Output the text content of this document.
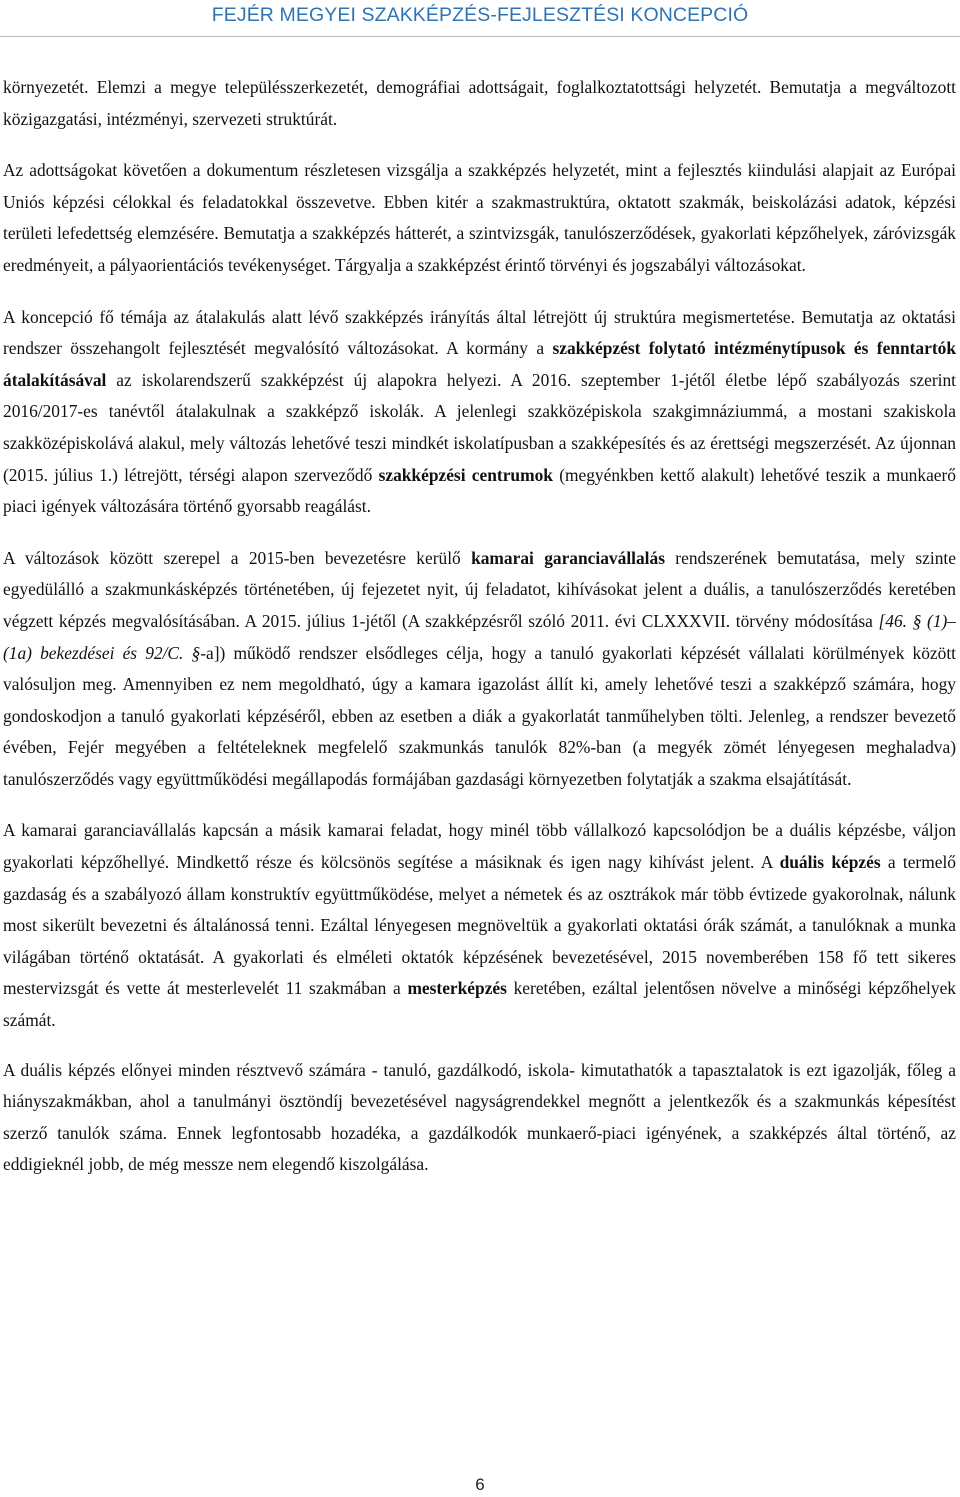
FEJÉR MEGYEI SZAKKÉPZÉS-FEJLESZTÉSI KONCEPCIÓ

környezetét. Elemzi a megye településszerkezetét, demográfiai adottságait, foglalkoztatottsági helyzetét. Bemutatja a megváltozott közigazgatási, intézményi, szervezeti struktúrát.

Az adottságokat követően a dokumentum részletesen vizsgálja a szakképzés helyzetét, mint a fejlesztés kiindulási alapjait az Európai Uniós képzési célokkal és feladatokkal összevetve. Ebben kitér a szakmastruktúra, oktatott szakmák, beiskolázási adatok, képzési területi lefedettség elemzésére. Bemutatja a szakképzés hátterét, a szintvizsgák, tanulószerződések, gyakorlati képzőhelyek, záróvizsgák eredményeit, a pályaorientációs tevékenységet. Tárgyalja a szakképzést érintő törvényi és jogszabályi változásokat.

A koncepció fő témája az átalakulás alatt lévő szakképzés irányítás által létrejött új struktúra megismertetése. Bemutatja az oktatási rendszer összehangolt fejlesztését megvalósító változásokat. A kormány a szakképzést folytató intézménytípusok és fenntartók átalakításával az iskolarendszerű szakképzést új alapokra helyezi. A 2016. szeptember 1-jétől életbe lépő szabályozás szerint 2016/2017-es tanévtől átalakulnak a szakképző iskolák. A jelenlegi szakközépiskola szakgimnáziummá, a mostani szakiskola szakközépiskolává alakul, mely változás lehetővé teszi mindkét iskolatípusban a szakképesítés és az érettségi megszerzését. Az újonnan (2015. július 1.) létrejött, térségi alapon szerveződő szakképzési centrumok (megyénkben kettő alakult) lehetővé teszik a munkaerő piaci igények változására történő gyorsabb reagálást.

A változások között szerepel a 2015-ben bevezetésre kerülő kamarai garanciavállalás rendszerének bemutatása, mely szinte egyedülálló a szakmunkásképzés történetében, új fejezetet nyit, új feladatot, kihívásokat jelent a duális, a tanulószerződés keretében végzett képzés megvalósításában. A 2015. július 1-jétől (A szakképzésről szóló 2011. évi CLXXXVII. törvény módosítása [46. § (1)–(1a) bekezdései és 92/C. §-a]) működő rendszer elsődleges célja, hogy a tanuló gyakorlati képzését vállalati körülmények között valósuljon meg. Amennyiben ez nem megoldható, úgy a kamara igazolást állít ki, amely lehetővé teszi a szakképző számára, hogy gondoskodjon a tanuló gyakorlati képzéséről, ebben az esetben a diák a gyakorlatát tanműhelyben tölti. Jelenleg, a rendszer bevezető évében, Fejér megyében a feltételeknek megfelelő szakmunkás tanulók 82%-ban (a megyék zömét lényegesen meghaladva) tanulószerződés vagy együttműködési megállapodás formájában gazdasági környezetben folytatják a szakma elsajátítását.

A kamarai garanciavállalás kapcsán a másik kamarai feladat, hogy minél több vállalkozó kapcsolódjon be a duális képzésbe, váljon gyakorlati képzőhellyé. Mindkettő része és kölcsönös segítése a másiknak és igen nagy kihívást jelent. A duális képzés a termelő gazdaság és a szabályozó állam konstruktív együttműködése, melyet a németek és az osztrákok már több évtizede gyakorolnak, nálunk most sikerült bevezetni és általánossá tenni. Ezáltal lényegesen megnöveltük a gyakorlati oktatási órák számát, a tanulóknak a munka világában történő oktatását. A gyakorlati és elméleti oktatók képzésének bevezetésével, 2015 novemberében 158 fő tett sikeres mestervizsgát és vette át mesterlevelét 11 szakmában a mesterképzés keretében, ezáltal jelentősen növelve a minőségi képzőhelyek számát.

A duális képzés előnyei minden résztvevő számára - tanuló, gazdálkodó, iskola- kimutathatók a tapasztalatok is ezt igazolják, főleg a hiányszakmákban, ahol a tanulmányi ösztöndíj bevezetésével nagyságrendekkel megnőtt a jelentkezők és a szakmunkás képesítést szerző tanulók száma. Ennek legfontosabb hozadéka, a gazdálkodók munkaerő-piaci igényének, a szakképzés által történő, az eddigieknél jobb, de még messze nem elegendő kiszolgálása.

6
